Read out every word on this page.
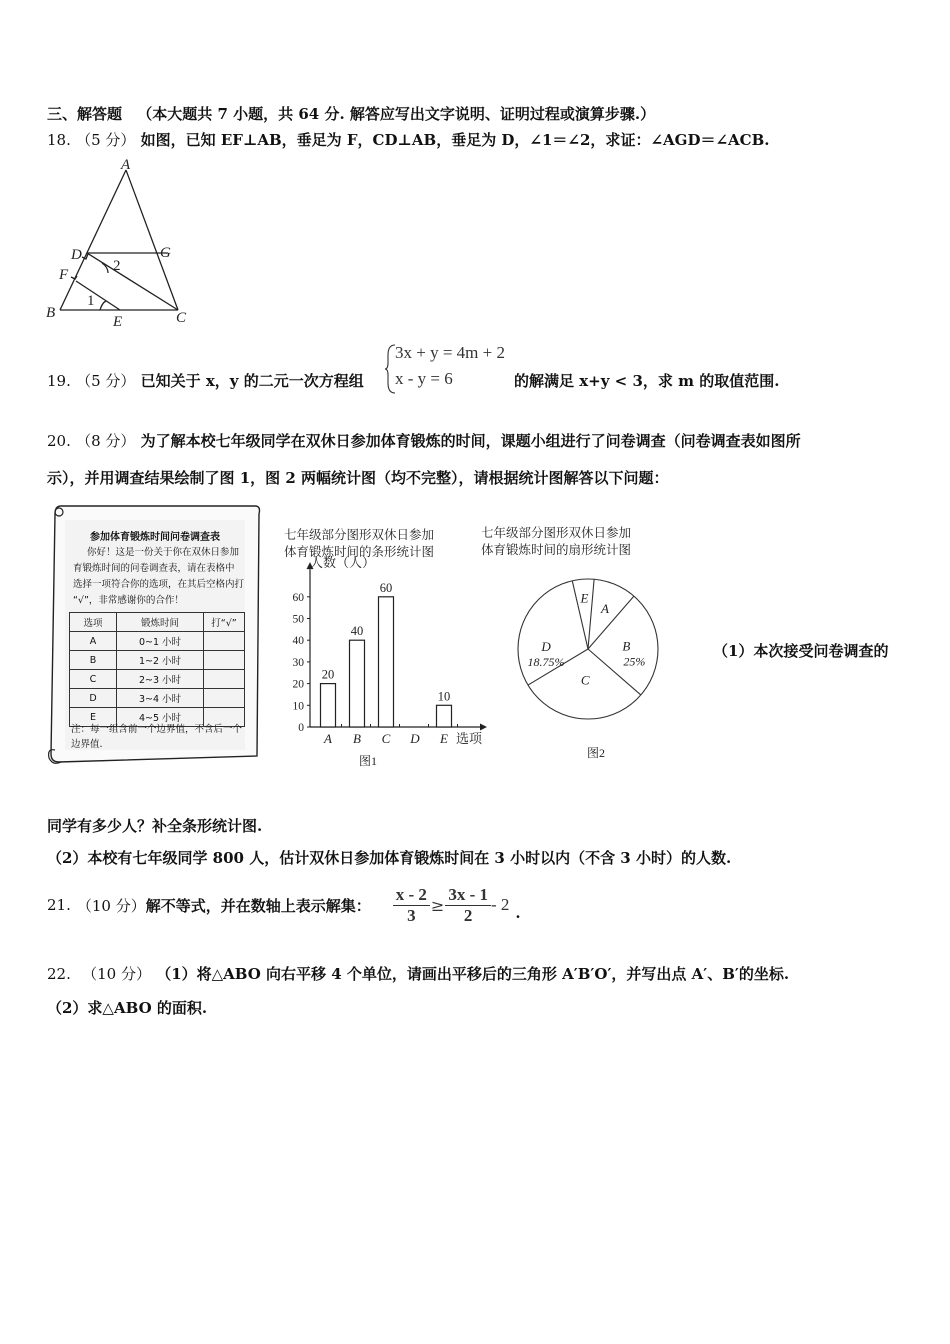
三、解答题 （本大题共 7 小题，共 64 分. 解答应写出文字说明、证明过程或演算步骤.）
18. （5 分） 如图，已知 EF⊥AB，垂足为 F，CD⊥AB，垂足为 D，∠1＝∠2，求证：∠AGD＝∠ACB.
A
D	G
F
2
1
B
E	C
19. （5 分） 已知关于 x，y 的二元一次方程组
3x + y = 4m + 2
x - y = 6	的解满足 x+y < 3，求 m 的取值范围.
20. （8 分） 为了解本校七年级同学在双休日参加体育锻炼的时间，课题小组进行了问卷调查（问卷调查表如图所
示），并用调查结果绘制了图 1，图 2 两幅统计图（均不完整），请根据统计图解答以下问题：
参加体育锻炼时间问卷调查表
你好！这是一份关于你在双休日参加
育锻炼时间的问卷调查表，请在表格中
选择一项符合你的选项，在其后空格内打
“√”，非常感谢你的合作！
选项	锻炼时间	打“√”
A	0~1 小时	
B	1~2 小时	
C	2~3 小时	
D	3~4 小时	
E	4~5 小时	
注：每一组含前一个边界值，不含后一个
边界值.
七年级部分图形双休日参加
体育锻炼时间的条形统计图
人数（人）
0
10
20
30
40
50
60
20
A
40
B
60
C D
10
E 选项
图1
七年级部分图形双休日参加
体育锻炼时间的扇形统计图
E
A
B
25%
C
D
18.75%
图2
（1）本次接受问卷调查的
同学有多少人？补全条形统计图.
（2）本校有七年级同学 800 人，估计双休日参加体育锻炼时间在 3 小时以内（不含 3 小时）的人数.
21. （10 分） 解不等式，并在数轴上表示解集： $\frac{x - 2}{3} \ge \frac{3x - 1}{2} - 2$ .
22. （10 分） （1）将△ABO 向右平移 4 个单位，请画出平移后的三角形 A′B′O′，并写出点 A′、B′的坐标.
（2）求△ABO 的面积.
